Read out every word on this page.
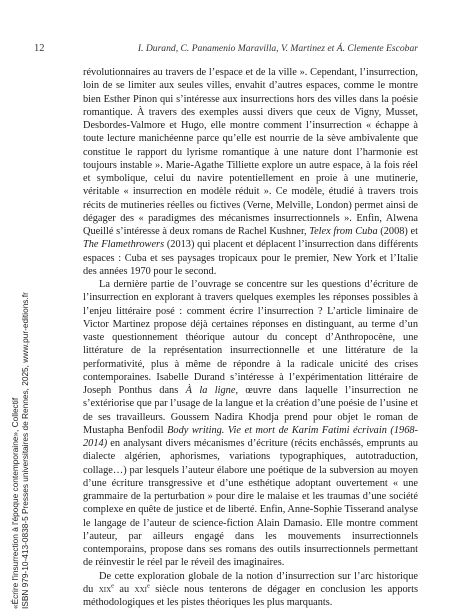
12	I. Durand, C. Panamenio Maravilla, V. Martinez et Á. Clemente Escobar

révolutionnaires au travers de l’espace et de la ville ». Cependant, l’insurrection, loin de se limiter aux seules villes, envahit d’autres espaces, comme le montre bien Esther Pinon qui s’intéresse aux insurrections hors des villes dans la poésie romantique. À travers des exemples aussi divers que ceux de Vigny, Musset, Desbordes-Valmore et Hugo, elle montre comment l’insurrection « échappe à toute lecture manichéenne parce qu’elle est nourrie de la sève ambivalente que constitue le rapport du lyrisme romantique à une nature dont l’harmonie est toujours instable ». Marie-Agathe Tilliette explore un autre espace, à la fois réel et symbolique, celui du navire potentiellement en proie à une mutinerie, véritable « insurrection en modèle réduit ». Ce modèle, étudié à travers trois récits de mutineries réelles ou fictives (Verne, Melville, London) permet ainsi de dégager des « paradigmes des mécanismes insurrectionnels ». Enfin, Alwena Queillé s’intéresse à deux romans de Rachel Kushner, Telex from Cuba (2008) et The Flamethrowers (2013) qui placent et déplacent l’insurrection dans différents espaces : Cuba et ses paysages tropicaux pour le premier, New York et l’Italie des années 1970 pour le second.

La dernière partie de l’ouvrage se concentre sur les questions d’écriture de l’insurrection en explorant à travers quelques exemples les réponses possibles à l’enjeu littéraire posé : comment écrire l’insurrection ? L’article liminaire de Victor Martinez propose déjà certaines réponses en distinguant, au terme d’un vaste questionnement théorique autour du concept d’Anthropocène, une littérature de la représentation insurrectionnelle et une littérature de la performativité, plus à même de répondre à la radicale unicité des crises contemporaines. Isabelle Durand s’intéresse à l’expérimentation littéraire de Joseph Ponthus dans À la ligne, œuvre dans laquelle l’insurrection ne s’extériorise que par l’usage de la langue et la création d’une poésie de l’usine et de ses travailleurs. Goussem Nadira Khodja prend pour objet le roman de Mustapha Benfodil Body writing. Vie et mort de Karim Fatimi écrivain (1968-2014) en analysant divers mécanismes d’écriture (récits enchâssés, emprunts au dialecte algérien, aphorismes, variations typographiques, autotraduction, collage…) par lesquels l’auteur élabore une poétique de la subversion au moyen d’une écriture transgressive et d’une esthétique adoptant ouvertement « une grammaire de la perturbation » pour dire le malaise et les traumas d’une société complexe en quête de justice et de liberté. Enfin, Anne-Sophie Tisserand analyse le langage de l’auteur de science-fiction Alain Damasio. Elle montre comment l’auteur, par ailleurs engagé dans les mouvements insurrectionnels contemporains, propose dans ses romans des outils insurrectionnels permettant de réinvestir le réel par le réveil des imaginaires.

De cette exploration globale de la notion d’insurrection sur l’arc historique du xix$^e$ au xxi$^e$ siècle nous tenterons de dégager en conclusion les apports méthodologiques et les pistes théoriques les plus marquants.

«Écrire l'insurrection à l'époque contemporaine», Collectif ISBN 979-10-413-0838-5 Presses universitaires de Rennes, 2025, www.pur-editions.fr
